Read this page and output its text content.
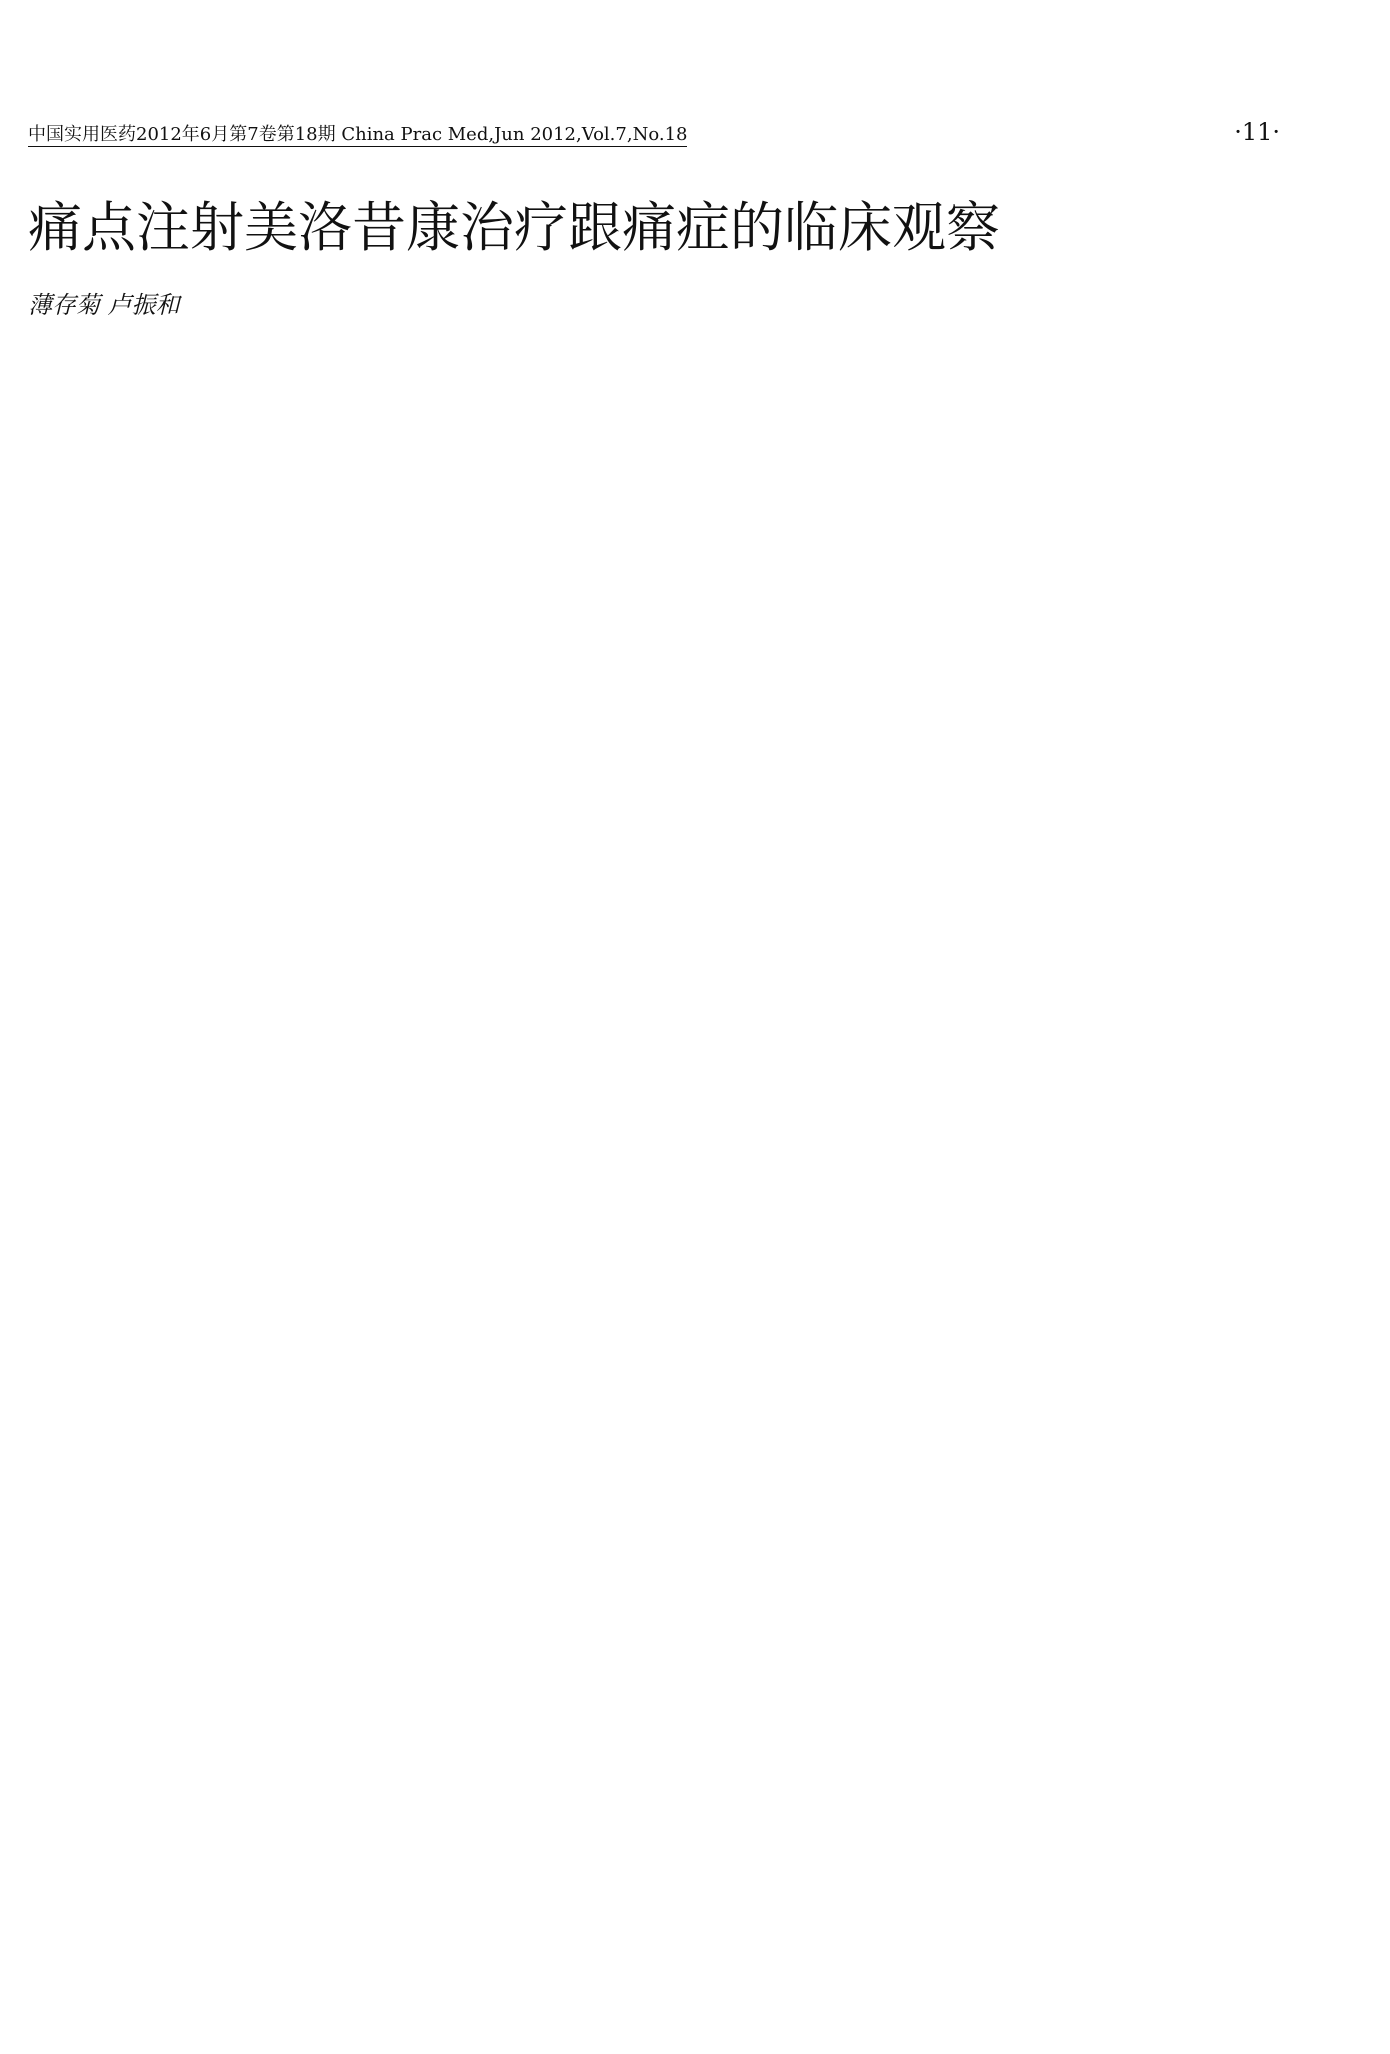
中国实用医药2012年6月第7卷第18期 China Prac Med,Jun 2012,Vol.7,No.18	·11·
痛点注射美洛昔康治疗跟痛症的临床观察
薄存菊 卢振和
